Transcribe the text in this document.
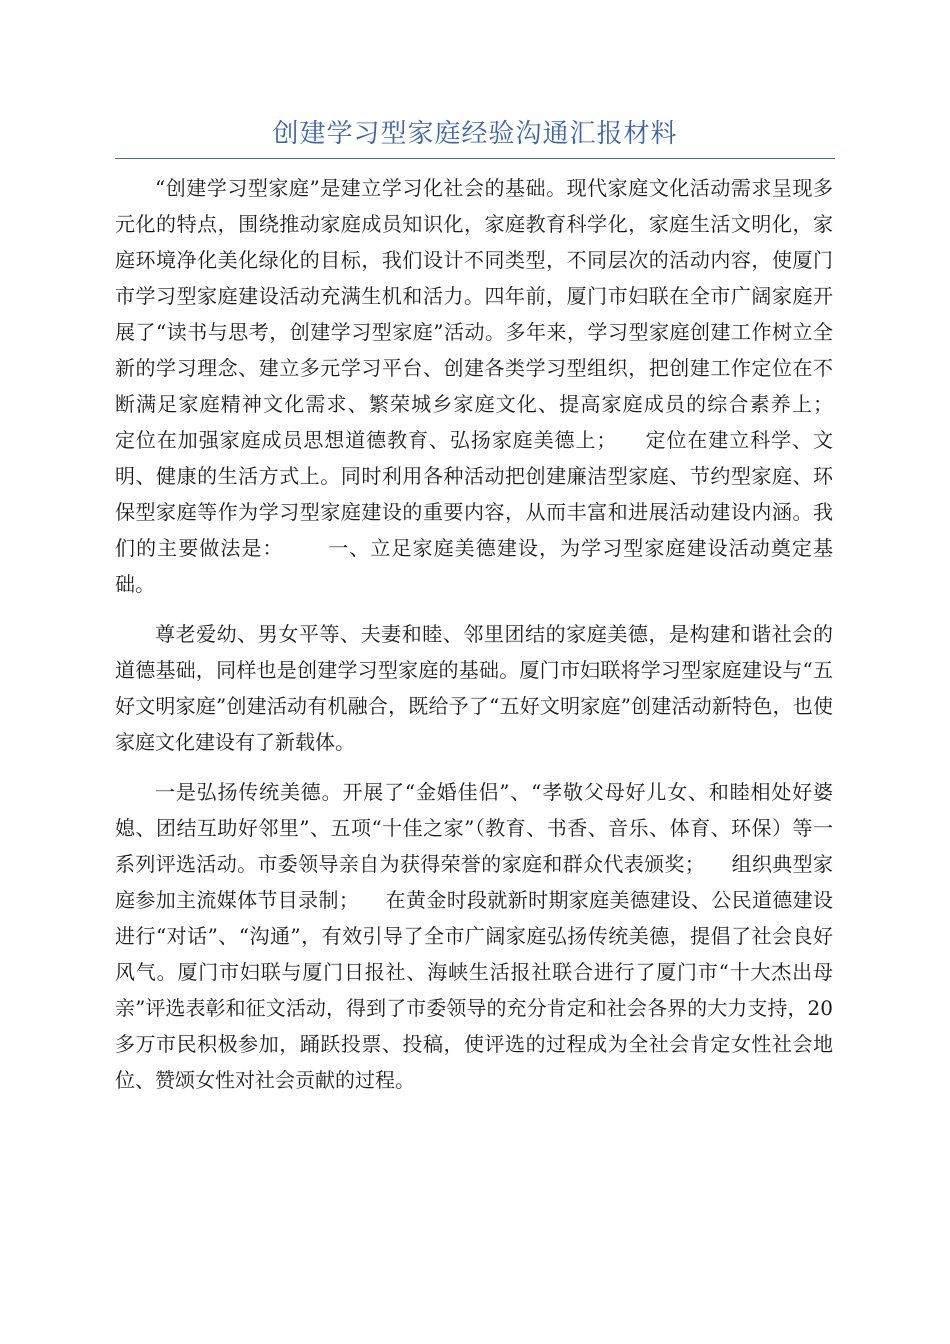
创建学习型家庭经验沟通汇报材料

“创建学习型家庭”是建立学习化社会的基础。现代家庭文化活动需求呈现多元化的特点，围绕推动家庭成员知识化，家庭教育科学化，家庭生活文明化，家庭环境净化美化绿化的目标，我们设计不同类型，不同层次的活动内容，使厦门市学习型家庭建设活动充满生机和活力。四年前，厦门市妇联在全市广阔家庭开展了“读书与思考，创建学习型家庭”活动。多年来，学习型家庭创建工作树立全新的学习理念、建立多元学习平台、创建各类学习型组织，把创建工作定位在不断满足家庭精神文化需求、繁荣城乡家庭文化、提高家庭成员的综合素养上；    定位在加强家庭成员思想道德教育、弘扬家庭美德上；    定位在建立科学、文明、健康的生活方式上。同时利用各种活动把创建廉洁型家庭、节约型家庭、环保型家庭等作为学习型家庭建设的重要内容，从而丰富和进展活动建设内涵。我们的主要做法是：      一、立足家庭美德建设，为学习型家庭建设活动奠定基础。

尊老爱幼、男女平等、夫妻和睦、邻里团结的家庭美德，是构建和谐社会的道德基础，同样也是创建学习型家庭的基础。厦门市妇联将学习型家庭建设与“五好文明家庭”创建活动有机融合，既给予了“五好文明家庭”创建活动新特色，也使家庭文化建设有了新载体。

一是弘扬传统美德。开展了“金婚佳侣”、“孝敬父母好儿女、和睦相处好婆媳、团结互助好邻里”、五项“十佳之家”（教育、书香、音乐、体育、环保）等一系列评选活动。市委领导亲自为获得荣誉的家庭和群众代表颁奖；    组织典型家庭参加主流媒体节目录制；    在黄金时段就新时期家庭美德建设、公民道德建设进行“对话”、“沟通”，有效引导了全市广阔家庭弘扬传统美德，提倡了社会良好风气。厦门市妇联与厦门日报社、海峡生活报社联合进行了厦门市“十大杰出母亲”评选表彰和征文活动，得到了市委领导的充分肯定和社会各界的大力支持，20多万市民积极参加，踊跃投票、投稿，使评选的过程成为全社会肯定女性社会地位、赞颂女性对社会贡献的过程。
